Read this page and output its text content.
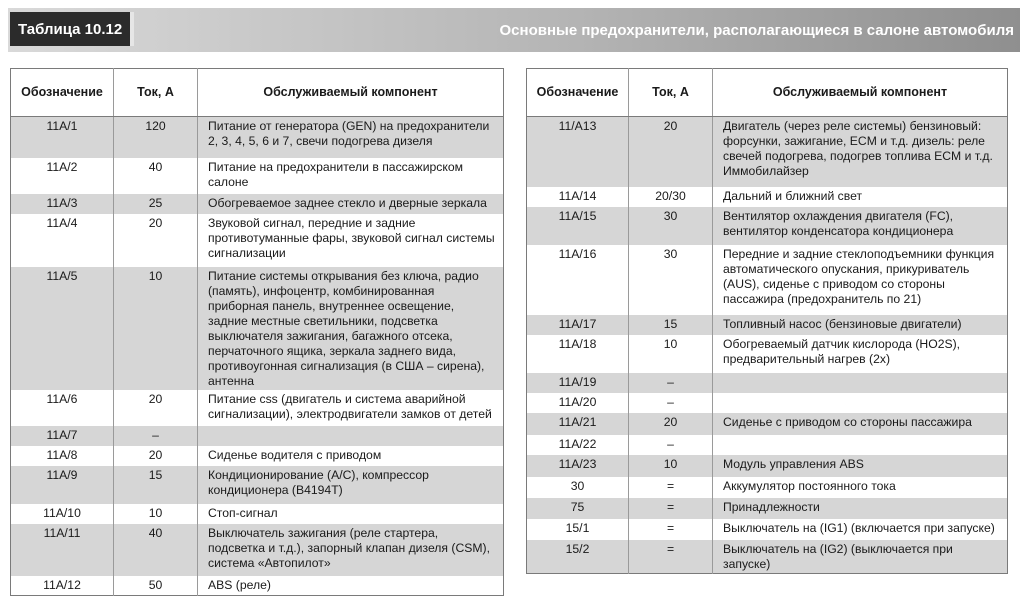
Таблица 10.12	Основные предохранители, располагающиеся в салоне автомобиля
Обозначение	Ток, А	Обслуживаемый компонент
11A/1	120	Питание от генератора (GEN) на предохранители 2, 3, 4, 5, 6 и 7, свечи подогрева дизеля
11A/2	40	Питание на предохранители в пассажирском салоне
11A/3	25	Обогреваемое заднее стекло и дверные зеркала
11A/4	20	Звуковой сигнал, передние и задние противотуманные фары, звуковой сигнал системы сигнализации
11A/5	10	Питание системы открывания без ключа, радио (память), инфоцентр, комбинированная приборная панель, внутреннее освещение, задние местные светильники, подсветка выключателя зажигания, багажного отсека, перчаточного ящика, зеркала заднего вида, противоугонная сигнализация (в США – сирена), антенна
11A/6	20	Питание css (двигатель и система аварийной сигнализации), электродвигатели замков от детей
11A/7	–	
11A/8	20	Сиденье водителя с приводом
11A/9	15	Кондиционирование (A/C), компрессор кондиционера (B4194T)
11A/10	10	Стоп-сигнал
11A/11	40	Выключатель зажигания (реле стартера, подсветка и т.д.), запорный клапан дизеля (CSM), система «Автопилот»
11A/12	50	ABS (реле)
Обозначение	Ток, А	Обслуживаемый компонент
11/A13	20	Двигатель (через реле системы) бензиновый: форсунки, зажигание, ECM и т.д. дизель: реле свечей подогрева, подогрев топлива ECM и т.д. Иммобилайзер
11A/14	20/30	Дальний и ближний свет
11A/15	30	Вентилятор охлаждения двигателя (FC), вентилятор конденсатора кондиционера
11A/16	30	Передние и задние стеклоподъемники функция автоматического опускания, прикуриватель (AUS), сиденье с приводом со стороны пассажира (предохранитель по 21)
11A/17	15	Топливный насос (бензиновые двигатели)
11A/18	10	Обогреваемый датчик кислорода (HO2S), предварительный нагрев (2x)
11A/19	–	
11A/20	–	
11A/21	20	Сиденье с приводом со стороны пассажира
11A/22	–	
11A/23	10	Модуль управления ABS
30	=	Аккумулятор постоянного тока
75	=	Принадлежности
15/1	=	Выключатель на (IG1) (включается при запуске)
15/2	=	Выключатель на (IG2) (выключается при запуске)
